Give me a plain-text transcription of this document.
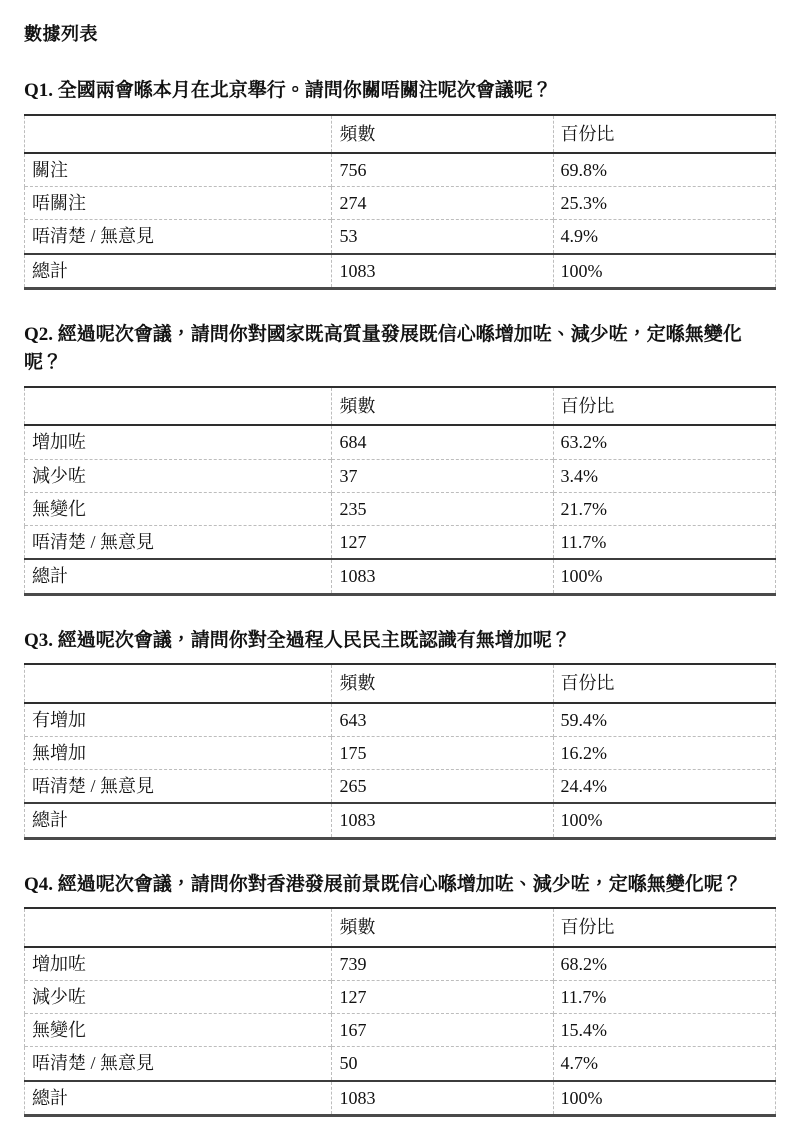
數據列表
Q1. 全國兩會喺本月在北京舉行。請問你關唔關注呢次會議呢？
	頻數	百份比
關注	756	69.8%
唔關注	274	25.3%
唔清楚 / 無意見	53	4.9%
總計	1083	100%
Q2. 經過呢次會議，請問你對國家既高質量發展既信心喺增加咗、減少咗，定喺無變化呢？
	頻數	百份比
增加咗	684	63.2%
減少咗	37	3.4%
無變化	235	21.7%
唔清楚 / 無意見	127	11.7%
總計	1083	100%
Q3. 經過呢次會議，請問你對全過程人民民主既認識有無增加呢？
	頻數	百份比
有增加	643	59.4%
無增加	175	16.2%
唔清楚 / 無意見	265	24.4%
總計	1083	100%
Q4. 經過呢次會議，請問你對香港發展前景既信心喺增加咗、減少咗，定喺無變化呢？
	頻數	百份比
增加咗	739	68.2%
減少咗	127	11.7%
無變化	167	15.4%
唔清楚 / 無意見	50	4.7%
總計	1083	100%
